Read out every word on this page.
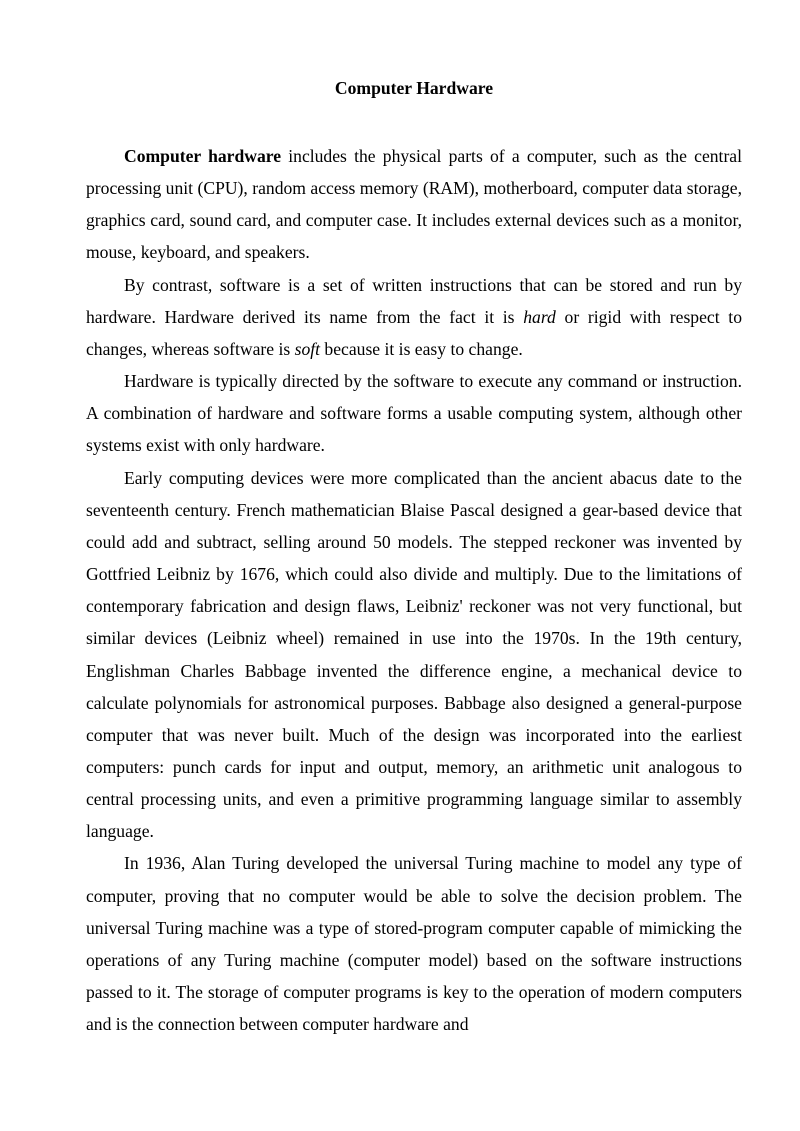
Computer Hardware

Computer hardware includes the physical parts of a computer, such as the central processing unit (CPU), random access memory (RAM), motherboard, computer data storage, graphics card, sound card, and computer case. It includes external devices such as a monitor, mouse, keyboard, and speakers.

By contrast, software is a set of written instructions that can be stored and run by hardware. Hardware derived its name from the fact it is hard or rigid with respect to changes, whereas software is soft because it is easy to change.

Hardware is typically directed by the software to execute any command or instruction. A combination of hardware and software forms a usable computing system, although other systems exist with only hardware.

Early computing devices were more complicated than the ancient abacus date to the seventeenth century. French mathematician Blaise Pascal designed a gear-based device that could add and subtract, selling around 50 models. The stepped reckoner was invented by Gottfried Leibniz by 1676, which could also divide and multiply. Due to the limitations of contemporary fabrication and design flaws, Leibniz' reckoner was not very functional, but similar devices (Leibniz wheel) remained in use into the 1970s. In the 19th century, Englishman Charles Babbage invented the difference engine, a mechanical device to calculate polynomials for astronomical purposes. Babbage also designed a general-purpose computer that was never built. Much of the design was incorporated into the earliest computers: punch cards for input and output, memory, an arithmetic unit analogous to central processing units, and even a primitive programming language similar to assembly language.

In 1936, Alan Turing developed the universal Turing machine to model any type of computer, proving that no computer would be able to solve the decision problem. The universal Turing machine was a type of stored-program computer capable of mimicking the operations of any Turing machine (computer model) based on the software instructions passed to it. The storage of computer programs is key to the operation of modern computers and is the connection between computer hardware and
